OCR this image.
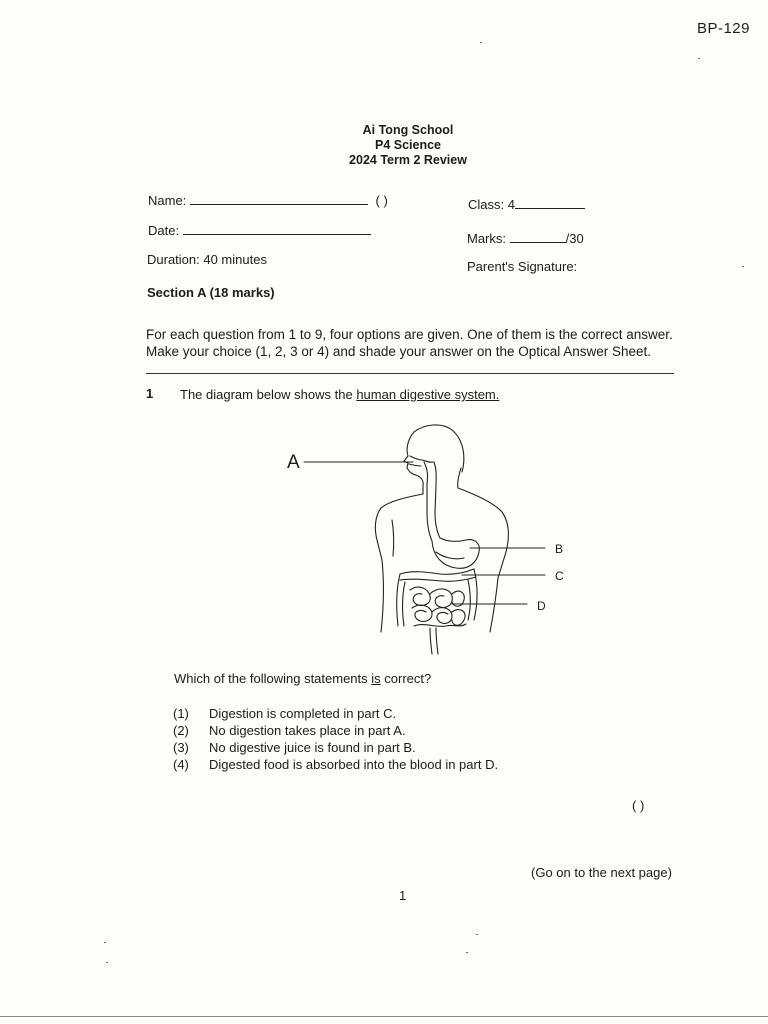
BP-129
Ai Tong School
P4 Science
2024 Term 2 Review
Name:	( )	Class: 4
Date:
Marks:	/30
Duration: 40 minutes	Parent's Signature:
Section A (18 marks)
For each question from 1 to 9, four options are given. One of them is the correct answer.
Make your choice (1, 2, 3 or 4) and shade your answer on the Optical Answer Sheet.
1 The diagram below shows the human digestive system.
A
B
C
D
Which of the following statements is correct?
(1) Digestion is completed in part C.
(2) No digestion takes place in part A.
(3) No digestive juice is found in part B.
(4) Digested food is absorbed into the blood in part D.
( )
(Go on to the next page)
1
